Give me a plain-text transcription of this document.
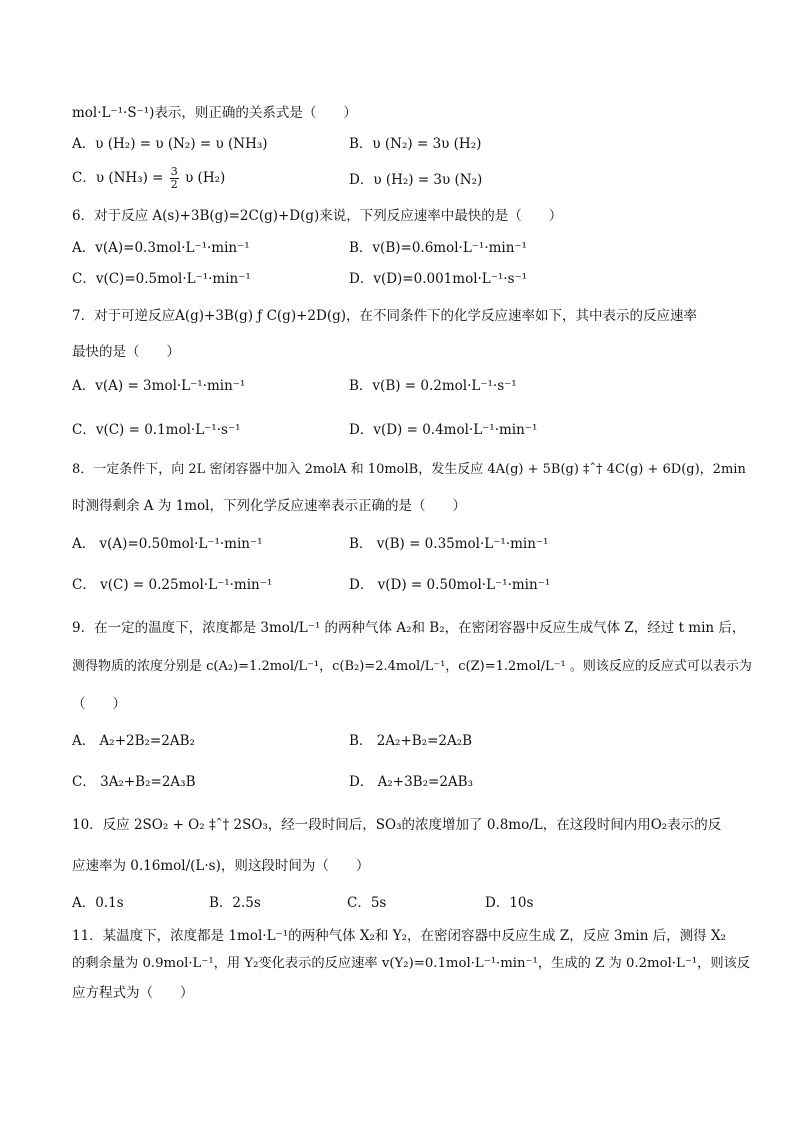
mol·L⁻¹·S⁻¹)表示，则正确的关系式是（　　）
A．υ (H₂) = υ (N₂) = υ (NH₃)	B．υ (N₂) = 3υ (H₂)
C．υ $(NH_3) = \frac{3}{2}$ υ (H₂)	D．υ (H₂) = 3υ (N₂)
6．对于反应 A(s)+3B(g)=2C(g)+D(g)来说，下列反应速率中最快的是（　　）
A．v(A)=0.3mol·L⁻¹·min⁻¹	B．v(B)=0.6mol·L⁻¹·min⁻¹
C．v(C)=0.5mol·L⁻¹·min⁻¹	D．v(D)=0.001mol·L⁻¹·s⁻¹
7．对于可逆反应A(g)+3B(g) ƒ C(g)+2D(g)，在不同条件下的化学反应速率如下，其中表示的反应速率
最快的是（　　）
A．v(A) = 3mol·L⁻¹·min⁻¹	B．v(B) = 0.2mol·L⁻¹·s⁻¹
C．v(C) = 0.1mol·L⁻¹·s⁻¹	D．v(D) = 0.4mol·L⁻¹·min⁻¹
8．一定条件下，向 2L 密闭容器中加入 2molA 和 10molB，发生反应 4A(g) + 5B(g) ‡ˆ† 4C(g) + 6D(g)，2min
时测得剩余 A 为 1mol，下列化学反应速率表示正确的是（　　）
A． v(A)=0.50mol·L⁻¹·min⁻¹	B． v(B) = 0.35mol·L⁻¹·min⁻¹
C． v(C) = 0.25mol·L⁻¹·min⁻¹	D． v(D) = 0.50mol·L⁻¹·min⁻¹
9．在一定的温度下，浓度都是 3mol/L⁻¹ 的两种气体 A₂和 B₂，在密闭容器中反应生成气体 Z，经过 t min 后，
测得物质的浓度分别是 c(A₂)=1.2mol/L⁻¹，c(B₂)=2.4mol/L⁻¹，c(Z)=1.2mol/L⁻¹ 。则该反应的反应式可以表示为
（　　）
A． A₂+2B₂=2AB₂	B． 2A₂+B₂=2A₂B
C． 3A₂+B₂=2A₃B	D． A₂+3B₂=2AB₃
10．反应 2SO₂ + O₂ ‡ˆ† 2SO₃，经一段时间后，SO₃的浓度增加了 0.8mo/L，在这段时间内用O₂表示的反
应速率为 0.16mol/(L·s)，则这段时间为（　　）
A．0.1s	B．2.5s	C．5s	D．10s
11．某温度下，浓度都是 1mol·L⁻¹的两种气体 X₂和 Y₂，在密闭容器中反应生成 Z，反应 3min 后，测得 X₂
的剩余量为 0.9mol·L⁻¹，用 Y₂变化表示的反应速率 v(Y₂)=0.1mol·L⁻¹·min⁻¹，生成的 Z 为 0.2mol·L⁻¹，则该反
应方程式为（　　）
